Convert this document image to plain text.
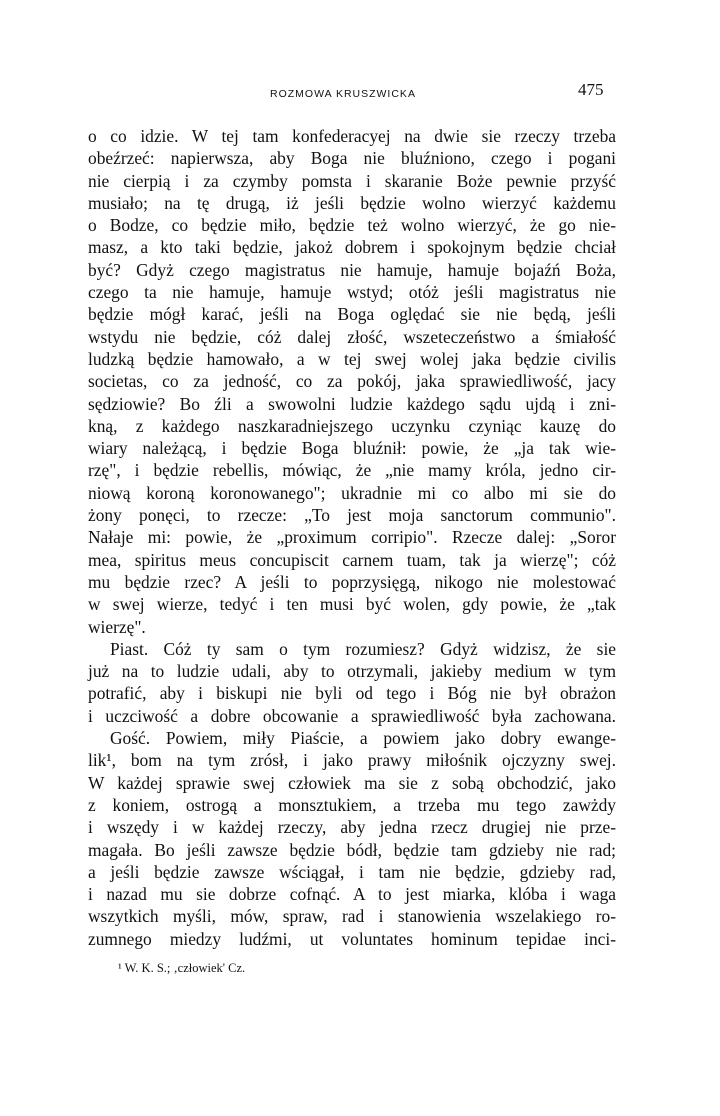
ROZMOWA KRUSZWICKA	475
o co idzie. W tej tam konfederacyej na dwie sie rzeczy trzeba
obeźrzeć: napierwsza, aby Boga nie bluźniono, czego i pogani
nie cierpią i za czymby pomsta i skaranie Boże pewnie przyść
musiało; na tę drugą, iż jeśli będzie wolno wierzyć każdemu
o Bodze, co będzie miło, będzie też wolno wierzyć, że go nie-
masz, a kto taki będzie, jakoż dobrem i spokojnym będzie chciał
być? Gdyż czego magistratus nie hamuje, hamuje bojaźń Boża,
czego ta nie hamuje, hamuje wstyd; otóż jeśli magistratus nie
będzie mógł karać, jeśli na Boga oględać sie nie będą, jeśli
wstydu nie będzie, cóż dalej złość, wszeteczeństwo a śmiałość
ludzką będzie hamowało, a w tej swej wolej jaka będzie civilis
societas, co za jedność, co za pokój, jaka sprawiedliwość, jacy
sędziowie? Bo źli a swowolni ludzie każdego sądu ujdą i zni-
kną, z każdego naszkaradniejszego uczynku czyniąc kauzę do
wiary należącą, i będzie Boga bluźnił: powie, że „ja tak wie-
rzę", i będzie rebellis, mówiąc, że „nie mamy króla, jedno cir-
niową koroną koronowanego"; ukradnie mi co albo mi sie do
żony ponęci, to rzecze: „To jest moja sanctorum communio".
Nałaje mi: powie, że „proximum corripio". Rzecze dalej: „Soror
mea, spiritus meus concupiscit carnem tuam, tak ja wierzę"; cóż
mu będzie rzec? A jeśli to poprzysięgą, nikogo nie molestować
w swej wierze, tedyć i ten musi być wolen, gdy powie, że „tak
wierzę".
Piast. Cóż ty sam o tym rozumiesz? Gdyż widzisz, że sie
już na to ludzie udali, aby to otrzymali, jakieby medium w tym
potrafić, aby i biskupi nie byli od tego i Bóg nie był obrażon
i uczciwość a dobre obcowanie a sprawiedliwość była zachowana.
Gość. Powiem, miły Piaście, a powiem jako dobry ewange-
lik¹, bom na tym zrósł, i jako prawy miłośnik ojczyzny swej.
W każdej sprawie swej człowiek ma sie z sobą obchodzić, jako
z koniem, ostrogą a monsztukiem, a trzeba mu tego zawżdy
i wszędy i w każdej rzeczy, aby jedna rzecz drugiej nie prze-
magała. Bo jeśli zawsze będzie bódł, będzie tam gdzieby nie rad;
a jeśli będzie zawsze wściągał, i tam nie będzie, gdzieby rad,
i nazad mu sie dobrze cofnąć. A to jest miarka, klóba i waga
wszytkich myśli, mów, spraw, rad i stanowienia wszelakiego ro-
zumnego miedzy ludźmi, ut voluntates hominum tepidae inci-
¹ W. K. S.; ‚człowiek' Cz.
